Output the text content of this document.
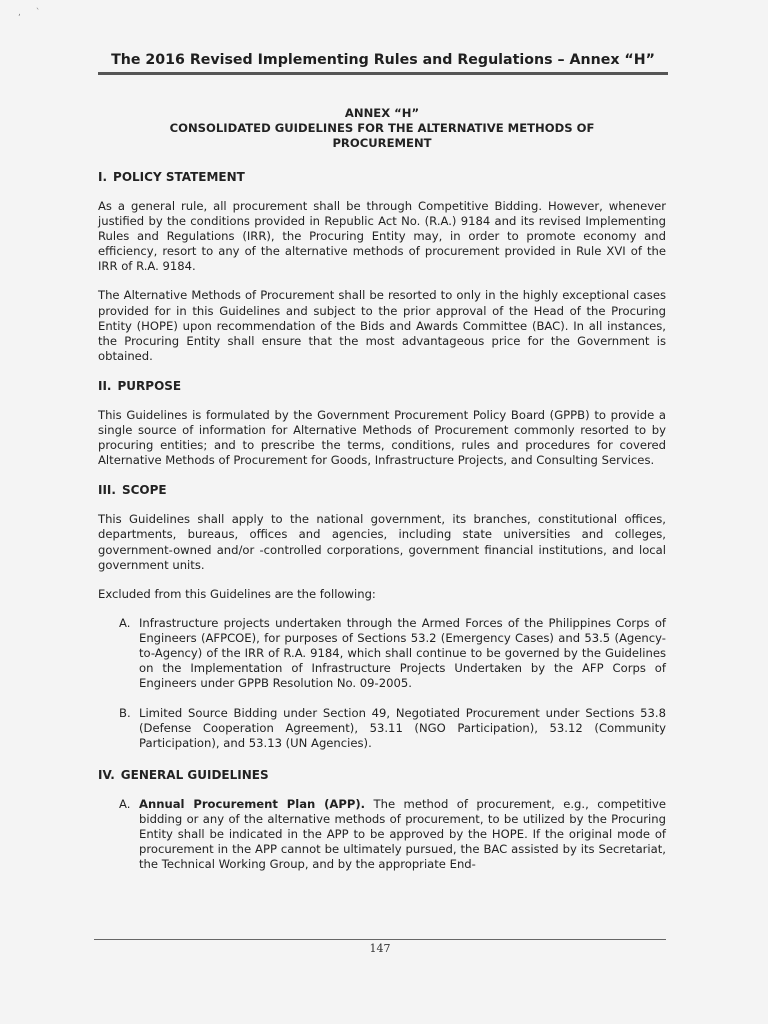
, `
The 2016 Revised Implementing Rules and Regulations – Annex “H”
ANNEX “H”
CONSOLIDATED GUIDELINES FOR THE ALTERNATIVE METHODS OF
PROCUREMENT
I. POLICY STATEMENT

As a general rule, all procurement shall be through Competitive Bidding. However, whenever justified by the conditions provided in Republic Act No. (R.A.) 9184 and its revised Implementing Rules and Regulations (IRR), the Procuring Entity may, in order to promote economy and efficiency, resort to any of the alternative methods of procurement provided in Rule XVI of the IRR of R.A. 9184.

The Alternative Methods of Procurement shall be resorted to only in the highly exceptional cases provided for in this Guidelines and subject to the prior approval of the Head of the Procuring Entity (HOPE) upon recommendation of the Bids and Awards Committee (BAC). In all instances, the Procuring Entity shall ensure that the most advantageous price for the Government is obtained.

II. PURPOSE

This Guidelines is formulated by the Government Procurement Policy Board (GPPB) to provide a single source of information for Alternative Methods of Procurement commonly resorted to by procuring entities; and to prescribe the terms, conditions, rules and procedures for covered Alternative Methods of Procurement for Goods, Infrastructure Projects, and Consulting Services.

III. SCOPE

This Guidelines shall apply to the national government, its branches, constitutional offices, departments, bureaus, offices and agencies, including state universities and colleges, government-owned and/or -controlled corporations, government financial institutions, and local government units.

Excluded from this Guidelines are the following:

A. Infrastructure projects undertaken through the Armed Forces of the Philippines Corps of Engineers (AFPCOE), for purposes of Sections 53.2 (Emergency Cases) and 53.5 (Agency-to-Agency) of the IRR of R.A. 9184, which shall continue to be governed by the Guidelines on the Implementation of Infrastructure Projects Undertaken by the AFP Corps of Engineers under GPPB Resolution No. 09-2005.
B. Limited Source Bidding under Section 49, Negotiated Procurement under Sections 53.8 (Defense Cooperation Agreement), 53.11 (NGO Participation), 53.12 (Community Participation), and 53.13 (UN Agencies).
IV. GENERAL GUIDELINES
A. Annual Procurement Plan (APP). The method of procurement, e.g., competitive bidding or any of the alternative methods of procurement, to be utilized by the Procuring Entity shall be indicated in the APP to be approved by the HOPE. If the original mode of procurement in the APP cannot be ultimately pursued, the BAC assisted by its Secretariat, the Technical Working Group, and by the appropriate End-
147
